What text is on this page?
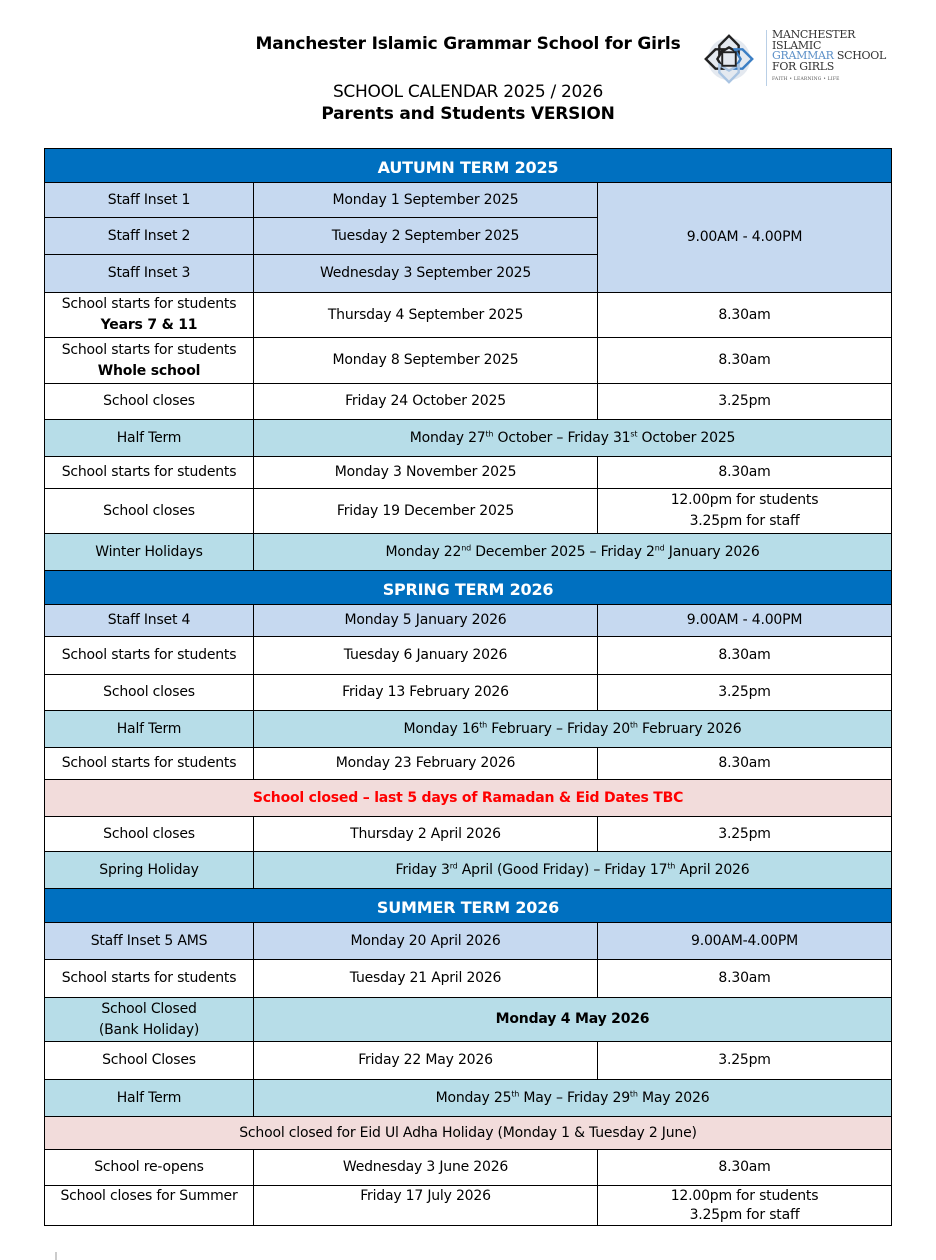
Manchester Islamic Grammar School for Girls
SCHOOL CALENDAR 2025 / 2026
Parents and Students VERSION
MANCHESTER
ISLAMIC
GRAMMAR SCHOOL
FOR GIRLS
FAITH • LEARNING • LIFE
AUTUMN TERM 2025		
Staff Inset 1	Monday 1 September 2025	9.00AM - 4.00PM
Staff Inset 2	Tuesday 2 September 2025	
Staff Inset 3	Wednesday 3 September 2025	

School starts for students
Years 7 & 11	Thursday 4 September 2025	8.30am

School starts for students
Whole school	Monday 8 September 2025	8.30am
School closes	Friday 24 October 2025	3.25pm
Half Term	Monday 27th October – Friday 31st October 2025	
School starts for students	Monday 3 November 2025	8.30am
School closes	Friday 19 December 2025	12.00pm for students
3.25pm for staff

Winter Holidays	Monday 22nd December 2025 – Friday 2nd January 2026	
SPRING TERM 2026		
Staff Inset 4	Monday 5 January 2026	9.00AM - 4.00PM
School starts for students	Tuesday 6 January 2026	8.30am
School closes	Friday 13 February 2026	3.25pm
Half Term	Monday 16th February – Friday 20th February 2026	
School starts for students	Monday 23 February 2026	8.30am
School closed – last 5 days of Ramadan & Eid Dates TBC		
School closes	Thursday 2 April 2026	3.25pm
Spring Holiday	Friday 3rd April (Good Friday) – Friday 17th April 2026	
SUMMER TERM 2026		
Staff Inset 5 AMS	Monday 20 April 2026	9.00AM-4.00PM
School starts for students	Tuesday 21 April 2026	8.30am

School Closed
(Bank Holiday)	Monday 4 May 2026	
School Closes	Friday 22 May 2026	3.25pm
Half Term	Monday 25th May – Friday 29th May 2026	
School closed for Eid Ul Adha Holiday (Monday 1 & Tuesday 2 June)		
School re-opens	Wednesday 3 June 2026	8.30am
School closes for Summer	Friday 17 July 2026	12.00pm for students
3.25pm for staff
